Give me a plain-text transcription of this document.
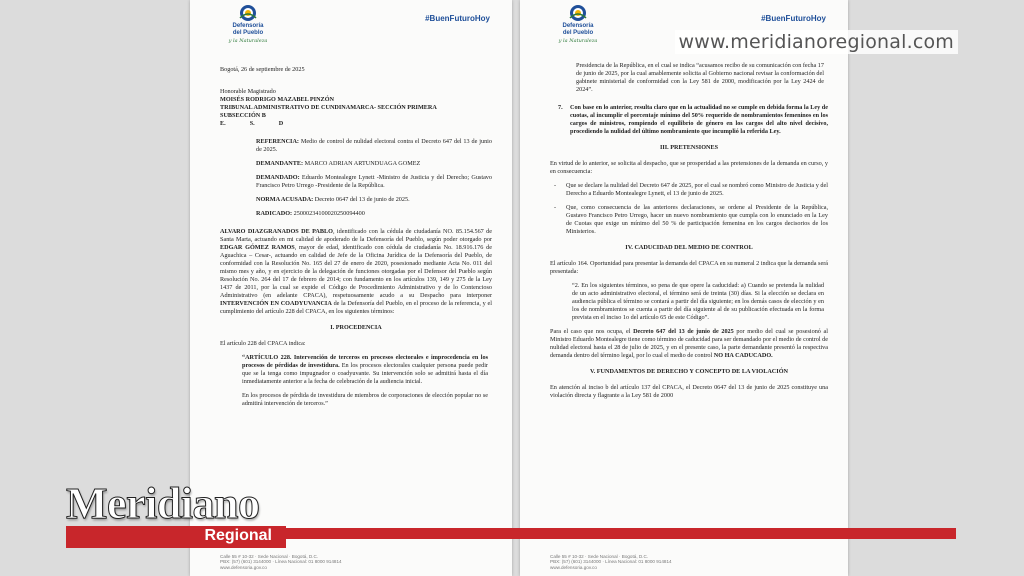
Defensoría
del Pueblo
y la Naturaleza
#BuenFuturoHoy
Bogotá, 26 de septiembre de 2025
Honorable Magistrado
MOISÉS RODRIGO MAZABEL PINZÓN
TRIBUNAL ADMINISTRATIVO DE CUNDINAMARCA- SECCIÓN PRIMERA
SUBSECCIÓN B
E.	S.	D
REFERENCIA: Medio de control de nulidad electoral contra el Decreto 647 del 13 de junio de 2025.
DEMANDANTE: MARCO ADRIAN ARTUNDUAGA GOMEZ
DEMANDADO: Eduardo Montealegre Lynett -Ministro de Justicia y del Derecho; Gustavo Francisco Petro Urrego -Presidente de la República.
NORMA ACUSADA: Decreto 0647 del 13 de junio de 2025.
RADICADO: 25000234100020250094400
ALVARO DIAZGRANADOS DE PABLO, identificado con la cédula de ciudadanía NO. 85.154.567 de Santa Marta, actuando en mi calidad de apoderado de la Defensoría del Pueblo, según poder otorgado por EDGAR GÓMEZ RAMOS, mayor de edad, identificado con cédula de ciudadanía No. 18.916.176 de Aguachica – Cesar-, actuando en calidad de Jefe de la Oficina Jurídica de la Defensoría del Pueblo, de conformidad con la Resolución No. 165 del 27 de enero de 2020, posesionado mediante Acta No. 011 del mismo mes y año, y en ejercicio de la delegación de funciones otorgadas por el Defensor del Pueblo según Resolución No. 264 del 17 de febrero de 2014; con fundamento en los artículos 139, 149 y 275 de la Ley 1437 de 2011, por la cual se expide el Código de Procedimiento Administrativo y de lo Contencioso Administrativo (en adelante CPACA), respetuosamente acudo a su Despacho para interponer INTERVENCIÓN EN COADYUVANCIA de la Defensoría del Pueblo, en el proceso de la referencia, y el cumplimiento del artículo 228 del CPACA, en los siguientes términos:
I. PROCEDENCIA
El artículo 228 del CPACA indica:
“ARTÍCULO 228. Intervención de terceros en procesos electorales e improcedencia en los procesos de pérdidas de investidura. En los procesos electorales cualquier persona puede pedir que se la tenga como impugnador o coadyuvante. Su intervención solo se admitirá hasta el día inmediatamente anterior a la fecha de celebración de la audiencia inicial.
En los procesos de pérdida de investidura de miembros de corporaciones de elección popular no se admitirá intervención de terceros.”
Calle 55 # 10-32 · Sede Nacional · Bogotá, D.C.
PBX: (57) (601) 3144000 · Línea Nacional: 01 8000 914814
www.defensoria.gov.co
Defensoría
del Pueblo
y la Naturaleza
#BuenFuturoHoy
Presidencia de la República, en el cual se indica “acusamos recibo de su comunicación con fecha 17 de junio de 2025, por la cual amablemente solicita al Gobierno nacional revisar la conformación del gabinete ministerial de conformidad con la Ley 581 de 2000, modificación por la Ley 2424 de 2024”.
7.	Con base en lo anterior, resulta claro que en la actualidad no se cumple en debida forma la Ley de cuotas, al incumplir el porcentaje mínimo del 50% requerido de nombramientos femeninos en los cargos de ministros, rompiendo el equilibrio de género en los cargos del alto nivel decisivo, procediendo la nulidad del último nombramiento que incumplió la referida Ley.
III. PRETENSIONES
En virtud de lo anterior, se solicita al despacho, que se prosperidad a las pretensiones de la demanda en curso, y en consecuencia:
-	Que se declare la nulidad del Decreto 647 de 2025, por el cual se nombró como Ministro de Justicia y del Derecho a Eduardo Montealegre Lynett, el 13 de junio de 2025.
-	Que, como consecuencia de las anteriores declaraciones, se ordene al Presidente de la República, Gustavo Francisco Petro Urrego, hacer un nuevo nombramiento que cumpla con lo enunciado en la Ley de Cuotas que exige un mínimo del 50 % de participación femenina en los cargos decisorios de los Ministerios.
IV. CADUCIDAD DEL MEDIO DE CONTROL
El artículo 164. Oportunidad para presentar la demanda del CPACA en su numeral 2 indica que la demanda será presentada:
“2. En los siguientes términos, so pena de que opere la caducidad: a) Cuando se pretenda la nulidad de un acto administrativo electoral, el término será de treinta (30) días. Si la elección se declara en audiencia pública el término se contará a partir del día siguiente; en los demás casos de elección y en los de nombramientos se cuenta a partir del día siguiente al de su publicación efectuada en la forma prevista en el inciso 1o del artículo 65 de este Código”.
Para el caso que nos ocupa, el Decreto 647 del 13 de junio de 2025 por medio del cual se posesionó al Ministro Eduardo Montealegre tiene como término de caducidad para ser demandado por el medio de control de nulidad electoral hasta el 28 de julio de 2025, y en el presente caso, la parte demandante presentó la respectiva demanda dentro del término legal, por lo cual el medio de control NO HA CADUCADO.
V. FUNDAMENTOS DE DERECHO Y CONCEPTO DE LA VIOLACIÓN
En atención al inciso b del artículo 137 del CPACA, el Decreto 0647 del 13 de junio de 2025 constituye una violación directa y flagrante a la Ley 581 de 2000
Calle 55 # 10-32 · Sede Nacional · Bogotá, D.C.
PBX: (57) (601) 3144000 · Línea Nacional: 01 8000 914814
www.defensoria.gov.co
www.meridianoregional.com
Meridiano
Regional
